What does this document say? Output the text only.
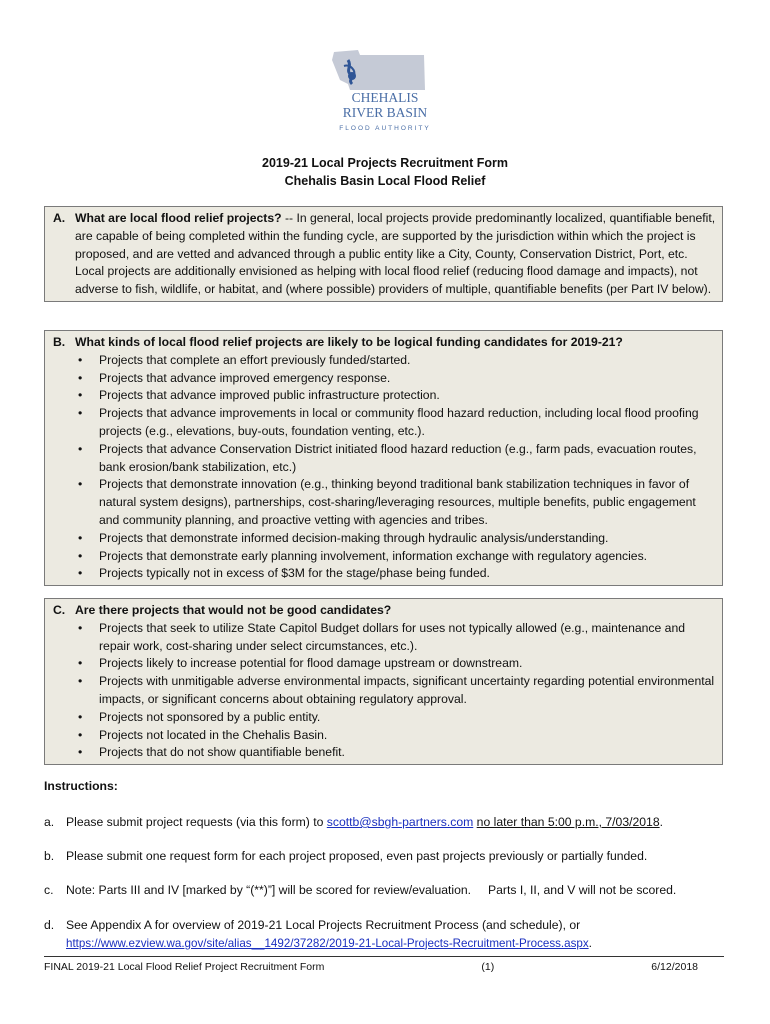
CHEHALIS
RIVER BASIN
FLOOD AUTHORITY
2019-21 Local Projects Recruitment Form
Chehalis Basin Local Flood Relief
A. What are local flood relief projects? -- In general, local projects provide predominantly localized, quantifiable benefit, are capable of being completed within the funding cycle, are supported by the jurisdiction within which the project is proposed, and are vetted and advanced through a public entity like a City, County, Conservation District, Port, etc. Local projects are additionally envisioned as helping with local flood relief (reducing flood damage and impacts), not adverse to fish, wildlife, or habitat, and (where possible) providers of multiple, quantifiable benefits (per Part IV below).
B. What kinds of local flood relief projects are likely to be logical funding candidates for 2019-21?
• Projects that complete an effort previously funded/started.
• Projects that advance improved emergency response.
• Projects that advance improved public infrastructure protection.
• Projects that advance improvements in local or community flood hazard reduction, including local flood proofing projects (e.g., elevations, buy-outs, foundation venting, etc.).
• Projects that advance Conservation District initiated flood hazard reduction (e.g., farm pads, evacuation routes, bank erosion/bank stabilization, etc.)
• Projects that demonstrate innovation (e.g., thinking beyond traditional bank stabilization techniques in favor of natural system designs), partnerships, cost-sharing/leveraging resources, multiple benefits, public engagement and community planning, and proactive vetting with agencies and tribes.
• Projects that demonstrate informed decision-making through hydraulic analysis/understanding.
• Projects that demonstrate early planning involvement, information exchange with regulatory agencies.
• Projects typically not in excess of $3M for the stage/phase being funded.
C. Are there projects that would not be good candidates?
• Projects that seek to utilize State Capitol Budget dollars for uses not typically allowed (e.g., maintenance and repair work, cost-sharing under select circumstances, etc.).
• Projects likely to increase potential for flood damage upstream or downstream.
• Projects with unmitigable adverse environmental impacts, significant uncertainty regarding potential environmental impacts, or significant concerns about obtaining regulatory approval.
• Projects not sponsored by a public entity.
• Projects not located in the Chehalis Basin.
• Projects that do not show quantifiable benefit.
Instructions:
a. Please submit project requests (via this form) to scottb@sbgh-partners.com no later than 5:00 p.m., 7/03/2018.
b. Please submit one request form for each project proposed, even past projects previously or partially funded.
c.	Note: Parts III and IV [marked by “(**)”] will be scored for review/evaluation.     Parts I, II, and V will not be scored.
d. See Appendix A for overview of 2019-21 Local Projects Recruitment Process (and schedule), or
https://www.ezview.wa.gov/site/alias__1492/37282/2019-21-Local-Projects-Recruitment-Process.aspx.
FINAL 2019-21 Local Flood Relief Project Recruitment Form	(1)	6/12/2018
